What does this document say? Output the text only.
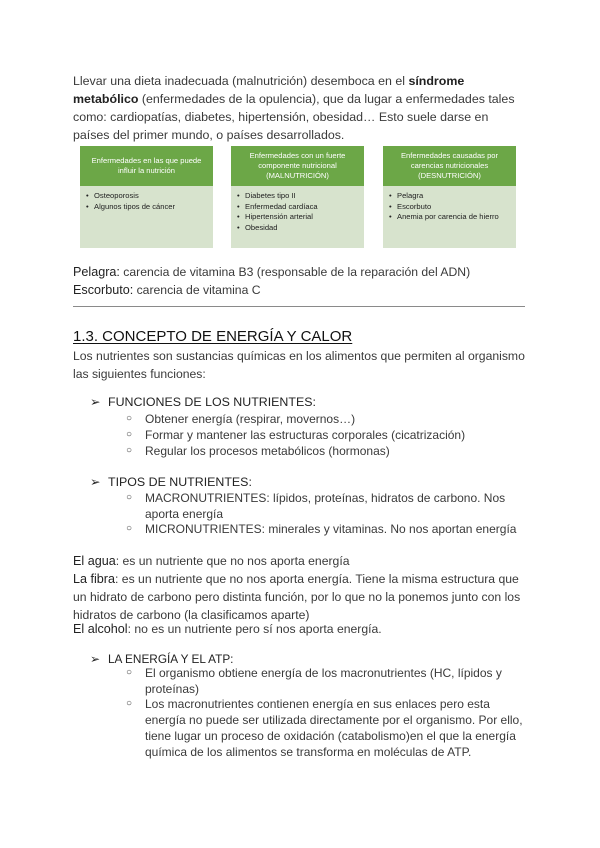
Llevar una dieta inadecuada (malnutrición) desemboca en el síndrome metabólico (enfermedades de la opulencia), que da lugar a enfermedades tales como: cardiopatías, diabetes, hipertensión, obesidad… Esto suele darse en países del primer mundo, o países desarrollados.

Enfermedades en las que puede influir la nutrición
• Osteoporosis
• Algunos tipos de cáncer
Enfermedades con un fuerte componente nutricional (MALNUTRICIÓN)
• Diabetes tipo II
• Enfermedad cardíaca
• Hipertensión arterial
• Obesidad
Enfermedades causadas por carencias nutricionales (DESNUTRICIÓN)
• Pelagra
• Escorbuto
• Anemia por carencia de hierro
Pelagra: carencia de vitamina B3 (responsable de la reparación del ADN)
Escorbuto: carencia de vitamina C
1.3. CONCEPTO DE ENERGÍA Y CALOR

Los nutrientes son sustancias químicas en los alimentos que permiten al organismo las siguientes funciones:

➢ FUNCIONES DE LOS NUTRIENTES:
○	Obtener energía (respirar, movernos…)
○	Formar y mantener las estructuras corporales (cicatrización)
○	Regular los procesos metabólicos (hormonas)
➢ TIPOS DE NUTRIENTES:
○	MACRONUTRIENTES: lípidos, proteínas, hidratos de carbono. Nos aporta energía
○	MICRONUTRIENTES: minerales y vitaminas. No nos aportan energía
El agua: es un nutriente que no nos aporta energía
La fibra: es un nutriente que no nos aporta energía. Tiene la misma estructura que un hidrato de carbono pero distinta función, por lo que no la ponemos junto con los hidratos de carbono (la clasificamos aparte)
El alcohol: no es un nutriente pero sí nos aporta energía.
➢ LA ENERGÍA Y EL ATP:
○	El organismo obtiene energía de los macronutrientes (HC, lípidos y proteínas)
○	Los macronutrientes contienen energía en sus enlaces pero esta energía no puede ser utilizada directamente por el organismo. Por ello, tiene lugar un proceso de oxidación (catabolismo)en el que la energía química de los alimentos se transforma en moléculas de ATP.
